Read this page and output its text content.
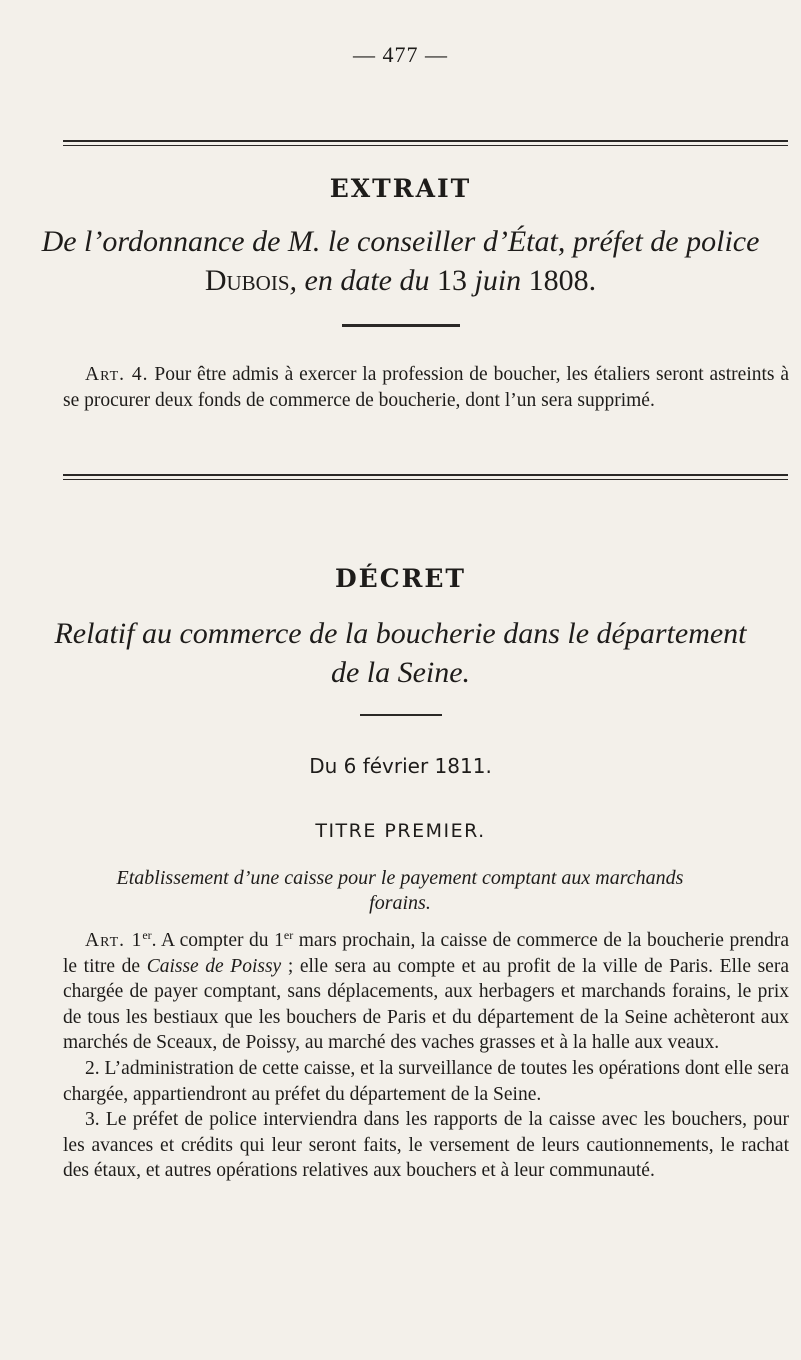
— 477 —
EXTRAIT
De l’ordonnance de M. le conseiller d’État, préfet de police
Dubois, en date du 13 juin 1808.

Art. 4. Pour être admis à exercer la profession de boucher, les étaliers seront astreints à se procurer deux fonds de commerce de boucherie, dont l’un sera supprimé.

DÉCRET
Relatif au commerce de la boucherie dans le département
de la Seine.
Du 6 février 1811.
TITRE PREMIER.
Etablissement d’une caisse pour le payement comptant aux marchands
forains.

Art. 1er. A compter du 1er mars prochain, la caisse de commerce de la boucherie prendra le titre de Caisse de Poissy ; elle sera au compte et au profit de la ville de Paris. Elle sera chargée de payer comptant, sans déplacements, aux herbagers et marchands forains, le prix de tous les bestiaux que les bouchers de Paris et du département de la Seine achèteront aux marchés de Sceaux, de Poissy, au marché des vaches grasses et à la halle aux veaux.

2. L’administration de cette caisse, et la surveillance de toutes les opérations dont elle sera chargée, appartiendront au préfet du département de la Seine.

3. Le préfet de police interviendra dans les rapports de la caisse avec les bouchers, pour les avances et crédits qui leur seront faits, le versement de leurs cautionnements, le rachat des étaux, et autres opérations relatives aux bouchers et à leur communauté.
